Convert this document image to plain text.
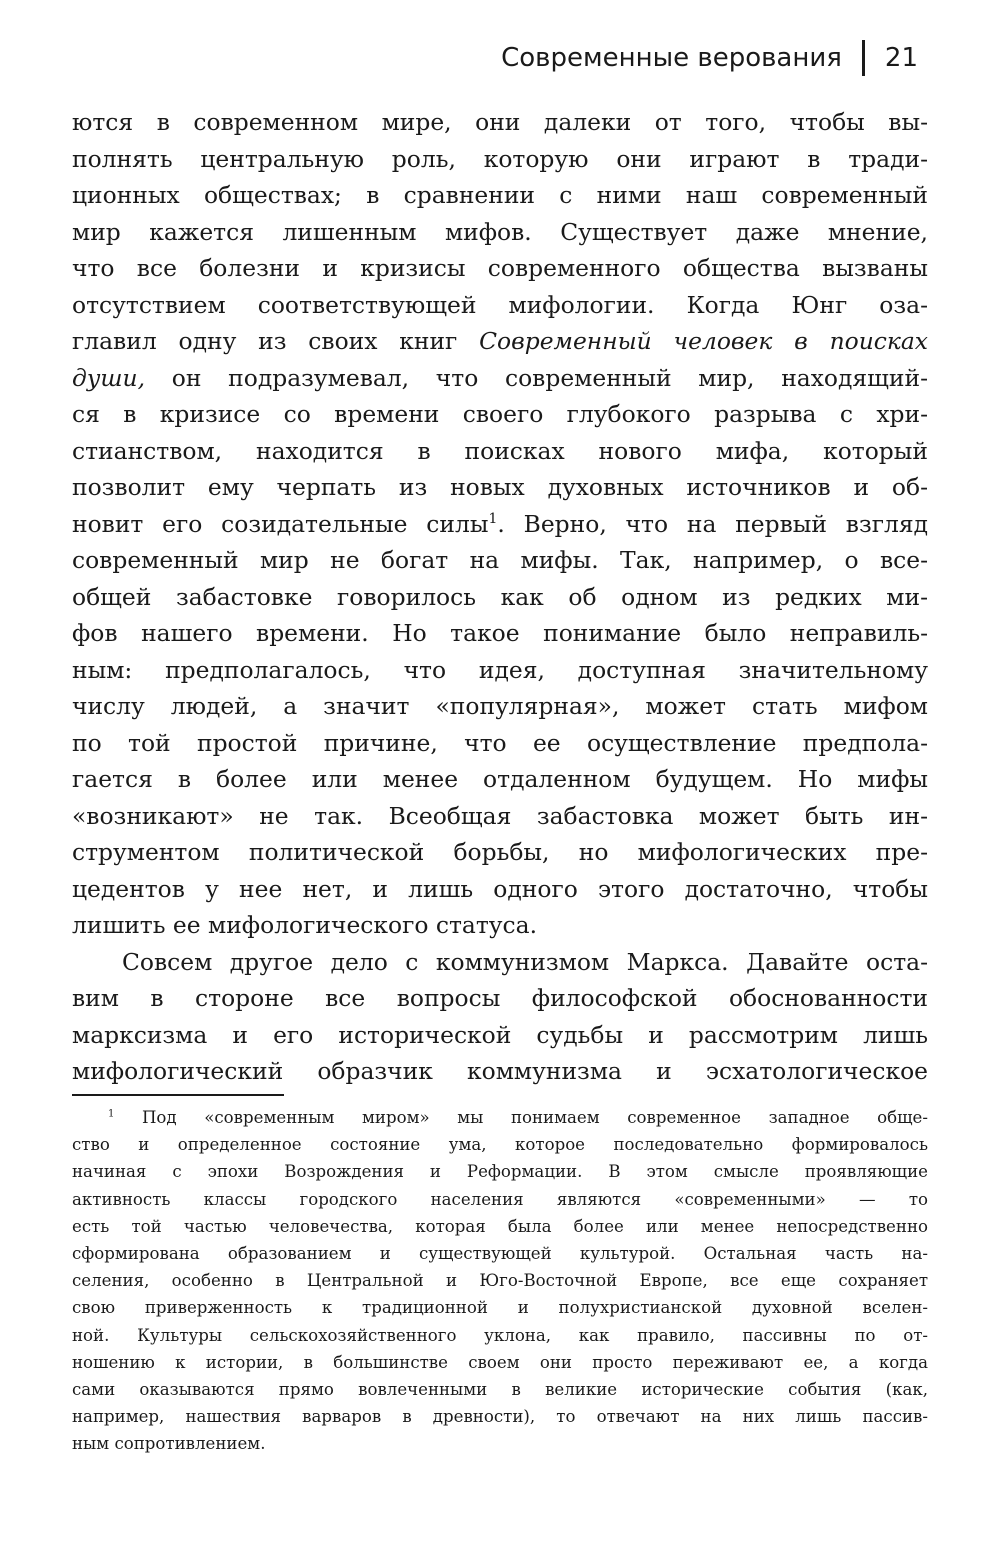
Современные верования 21
ются в современном мире, они далеки от того, чтобы вы-
полнять центральную роль, которую они играют в тради-
ционных обществах; в сравнении с ними наш современный
мир кажется лишенным мифов. Существует даже мнение,
что все болезни и кризисы современного общества вызваны
отсутствием соответствующей мифологии. Когда Юнг оза-
главил одну из своих книг Современный человек в поисках
души, он подразумевал, что современный мир, находящий-
ся в кризисе со времени своего глубокого разрыва с хри-
стианством, находится в поисках нового мифа, который
позволит ему черпать из новых духовных источников и об-
новит его созидательные силы$^1$. Верно, что на первый взгляд
современный мир не богат на мифы. Так, например, о все-
общей забастовке говорилось как об одном из редких ми-
фов нашего времени. Но такое понимание было неправиль-
ным: предполагалось, что идея, доступная значительному
числу людей, а значит «популярная», может стать мифом
по той простой причине, что ее осуществление предпола-
гается в более или менее отдаленном будущем. Но мифы
«возникают» не так. Всеобщая забастовка может быть ин-
струментом политической борьбы, но мифологических пре-
цедентов у нее нет, и лишь одного этого достаточно, чтобы
лишить ее мифологического статуса.
Совсем другое дело с коммунизмом Маркса. Давайте оста-
вим в стороне все вопросы философской обоснованности
марксизма и его исторической судьбы и рассмотрим лишь
мифологический образчик коммунизма и эсхатологическое
$^1$ Под «современным миром» мы понимаем современное западное обще-
ство и определенное состояние ума, которое последовательно формировалось
начиная с эпохи Возрождения и Реформации. В этом смысле проявляющие
активность классы городского населения являются «современными» — то
есть той частью человечества, которая была более или менее непосредственно
сформирована образованием и существующей культурой. Остальная часть на-
селения, особенно в Центральной и Юго-Восточной Европе, все еще сохраняет
свою приверженность к традиционной и полухристианской духовной вселен-
ной. Культуры сельскохозяйственного уклона, как правило, пассивны по от-
ношению к истории, в большинстве своем они просто переживают ее, а когда
сами оказываются прямо вовлеченными в великие исторические события (как,
например, нашествия варваров в древности), то отвечают на них лишь пассив-
ным сопротивлением.
